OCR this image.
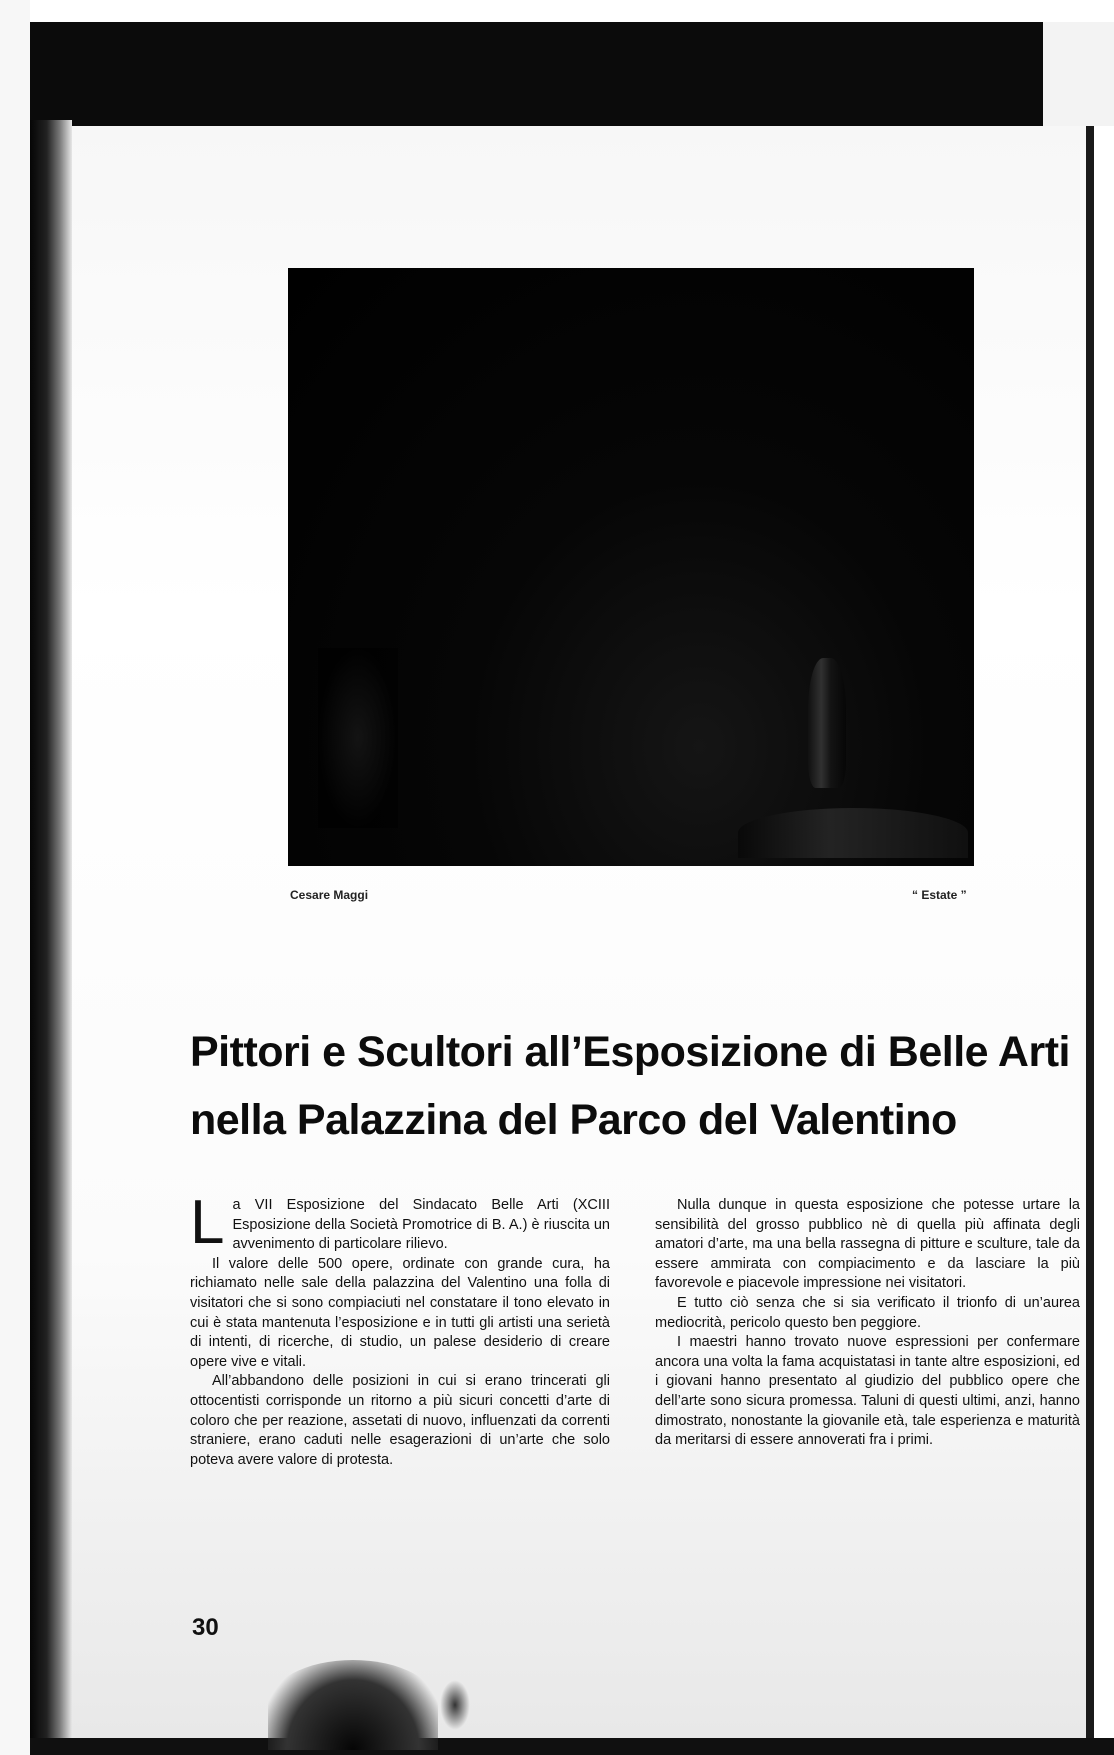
Cesare Maggi	“ Estate ”
Pittori e Scultori all’Esposizione di Belle Arti
nella Palazzina del Parco del Valentino

La VII Esposizione del Sindacato Belle Arti (XCIII Esposizione della Società Promotrice di B. A.) è riuscita un avvenimento di particolare rilievo.

Il valore delle 500 opere, ordinate con grande cura, ha richiamato nelle sale della palazzina del Valentino una folla di visitatori che si sono compiaciuti nel constatare il tono elevato in cui è stata mantenuta l’esposizione e in tutti gli artisti una serietà di intenti, di ricerche, di studio, un palese desiderio di creare opere vive e vitali.

All’abbandono delle posizioni in cui si erano trincerati gli ottocentisti corrisponde un ritorno a più sicuri concetti d’arte di coloro che per reazione, assetati di nuovo, influenzati da correnti straniere, erano caduti nelle esagerazioni di un’arte che solo poteva avere valore di protesta.

Nulla dunque in questa esposizione che potesse urtare la sensibilità del grosso pubblico nè di quella più affinata degli amatori d’arte, ma una bella rassegna di pitture e sculture, tale da essere ammirata con compiacimento e da lasciare la più favorevole e piacevole impressione nei visitatori.

E tutto ciò senza che si sia verificato il trionfo di un’aurea mediocrità, pericolo questo ben peggiore.

I maestri hanno trovato nuove espressioni per confermare ancora una volta la fama acquistatasi in tante altre esposizioni, ed i giovani hanno presentato al giudizio del pubblico opere che dell’arte sono sicura promessa. Taluni di questi ultimi, anzi, hanno dimostrato, nonostante la giovanile età, tale esperienza e maturità da meritarsi di essere annoverati fra i primi.

30
